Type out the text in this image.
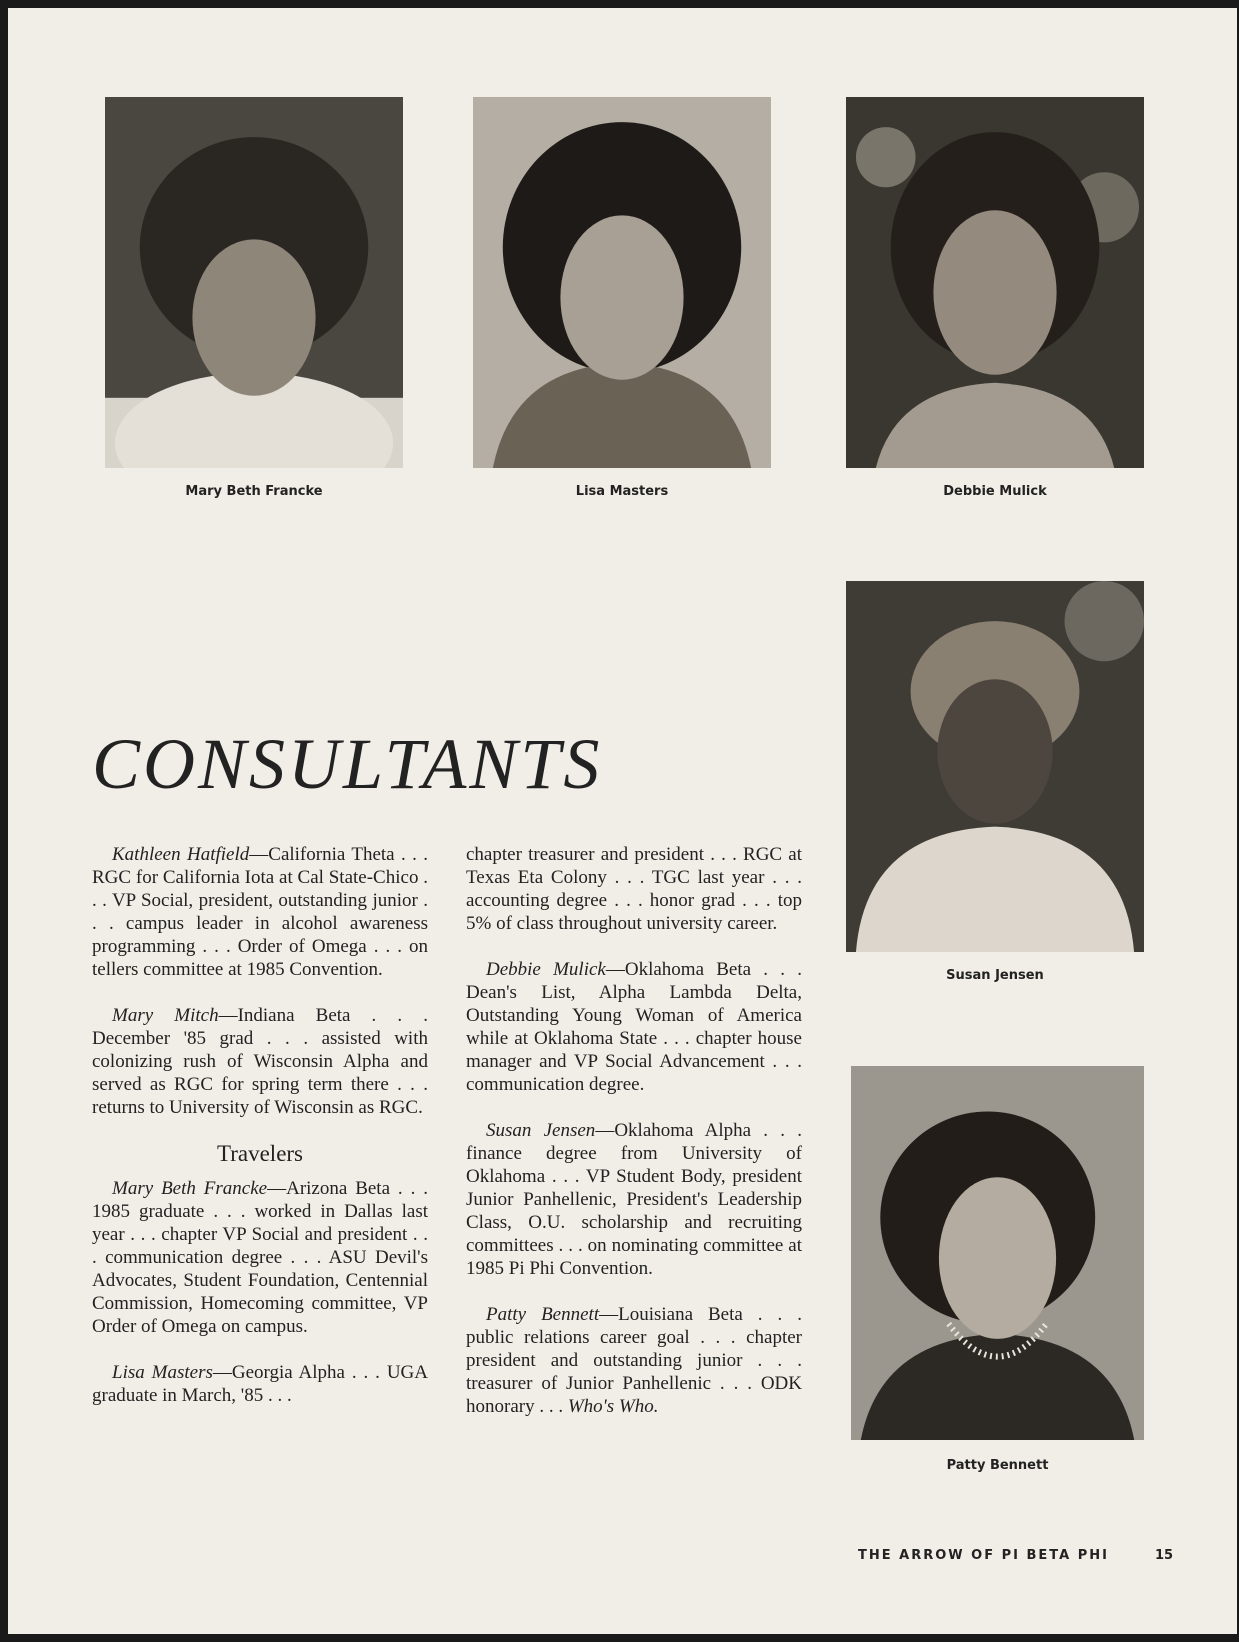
Mary Beth Francke	Lisa Masters	Debbie Mulick
Susan Jensen
Patty Bennett
CONSULTANTS

Kathleen Hatfield—California Theta . . . RGC for California Iota at Cal State-Chico . . . VP Social, president, outstanding junior . . . campus leader in alcohol awareness programming . . . Order of Omega . . . on tellers committee at 1985 Convention.

Mary Mitch—Indiana Beta . . . December '85 grad . . . assisted with colonizing rush of Wisconsin Alpha and served as RGC for spring term there . . . returns to University of Wisconsin as RGC.

Travelers

Mary Beth Francke—Arizona Beta . . . 1985 graduate . . . worked in Dallas last year . . . chapter VP Social and president . . . communication degree . . . ASU Devil's Advocates, Student Foundation, Centennial Commission, Homecoming committee, VP Order of Omega on campus.

Lisa Masters—Georgia Alpha . . . UGA graduate in March, '85 . . .

chapter treasurer and president . . . RGC at Texas Eta Colony . . . TGC last year . . . accounting degree . . . honor grad . . . top 5% of class throughout university career.

Debbie Mulick—Oklahoma Beta . . . Dean's List, Alpha Lambda Delta, Outstanding Young Woman of America while at Oklahoma State . . . chapter house manager and VP Social Advancement . . . communication degree.

Susan Jensen—Oklahoma Alpha . . . finance degree from University of Oklahoma . . . VP Student Body, president Junior Panhellenic, President's Leadership Class, O.U. scholarship and recruiting committees . . . on nominating committee at 1985 Pi Phi Convention.

Patty Bennett—Louisiana Beta . . . public relations career goal . . . chapter president and outstanding junior . . . treasurer of Junior Panhellenic . . . ODK honorary . . . Who's Who.

THE ARROW OF PI BETA PHI	15
